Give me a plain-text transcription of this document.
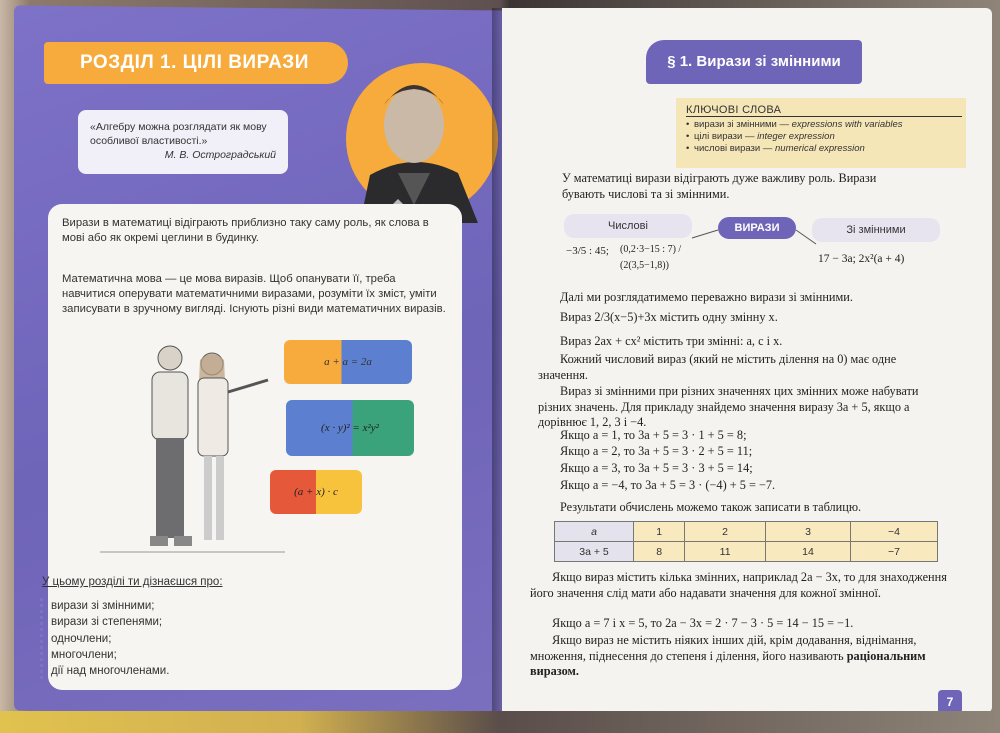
РОЗДІЛ 1. ЦІЛІ ВИРАЗИ
«Алгебру можна розглядати як мову особливої властивості.»
М. В. Остроградський

Вирази в математиці відіграють приблизно таку саму роль, як слова в мові або як окремі цеглини в будинку.

Математична мова — це мова виразів. Щоб опанувати її, треба навчитися оперувати математичними виразами, розуміти їх зміст, уміти записувати в зручному вигляді. Існують різні види математичних виразів.

a + a = 2a
(x · y)² = x²y²
(a + x) · c

У цьому розділі ти дізнаєшся про:

вирази зі змінними;
вирази зі степенями;
одночлени;
многочлени;
дії над многочленами.
§ 1. Вирази зі змінними

КЛЮЧОВІ СЛОВА

• вирази зі змінними — expressions with variables

• цілі вирази — integer expression

• числові вирази — numerical expression

У математиці вирази відіграють дуже важливу роль. Вирази бувають числові та зі змінними.

Числові	ВИРАЗИ	Зі змінними

−3/5 : 45; (0,2·3−15 : 7) / (2(3,5−1,8))	17 − 3a; 2x²(a + 4)

Далі ми розглядатимемо переважно вирази зі змінними.

Вираз 2/3(x−5)+3x містить одну змінну x.

Вираз 2ax + cx² містить три змінні: a, c і x.

Кожний числовий вираз (який не містить ділення на 0) має одне значення.

Вираз зі змінними при різних значеннях цих змінних може набувати різних значень. Для прикладу знайдемо значення виразу 3a + 5, якщо a дорівнює 1, 2, 3 і −4.

Якщо a = 1, то 3a + 5 = 3 · 1 + 5 = 8;

Якщо a = 2, то 3a + 5 = 3 · 2 + 5 = 11;

Якщо a = 3, то 3a + 5 = 3 · 3 + 5 = 14;

Якщо a = −4, то 3a + 5 = 3 · (−4) + 5 = −7.

Результати обчислень можемо також записати в таблицю.

a	1	2	3	−4
3a + 5	8	11	14	−7

Якщо вираз містить кілька змінних, наприклад 2a − 3x, то для знаходження його значення слід мати або надавати значення для кожної змінної.

Якщо a = 7 і x = 5, то 2a − 3x = 2 · 7 − 3 · 5 = 14 − 15 = −1.

Якщо вираз не містить ніяких інших дій, крім додавання, віднімання, множення, піднесення до степеня і ділення, його називають раціональним виразом.

7
